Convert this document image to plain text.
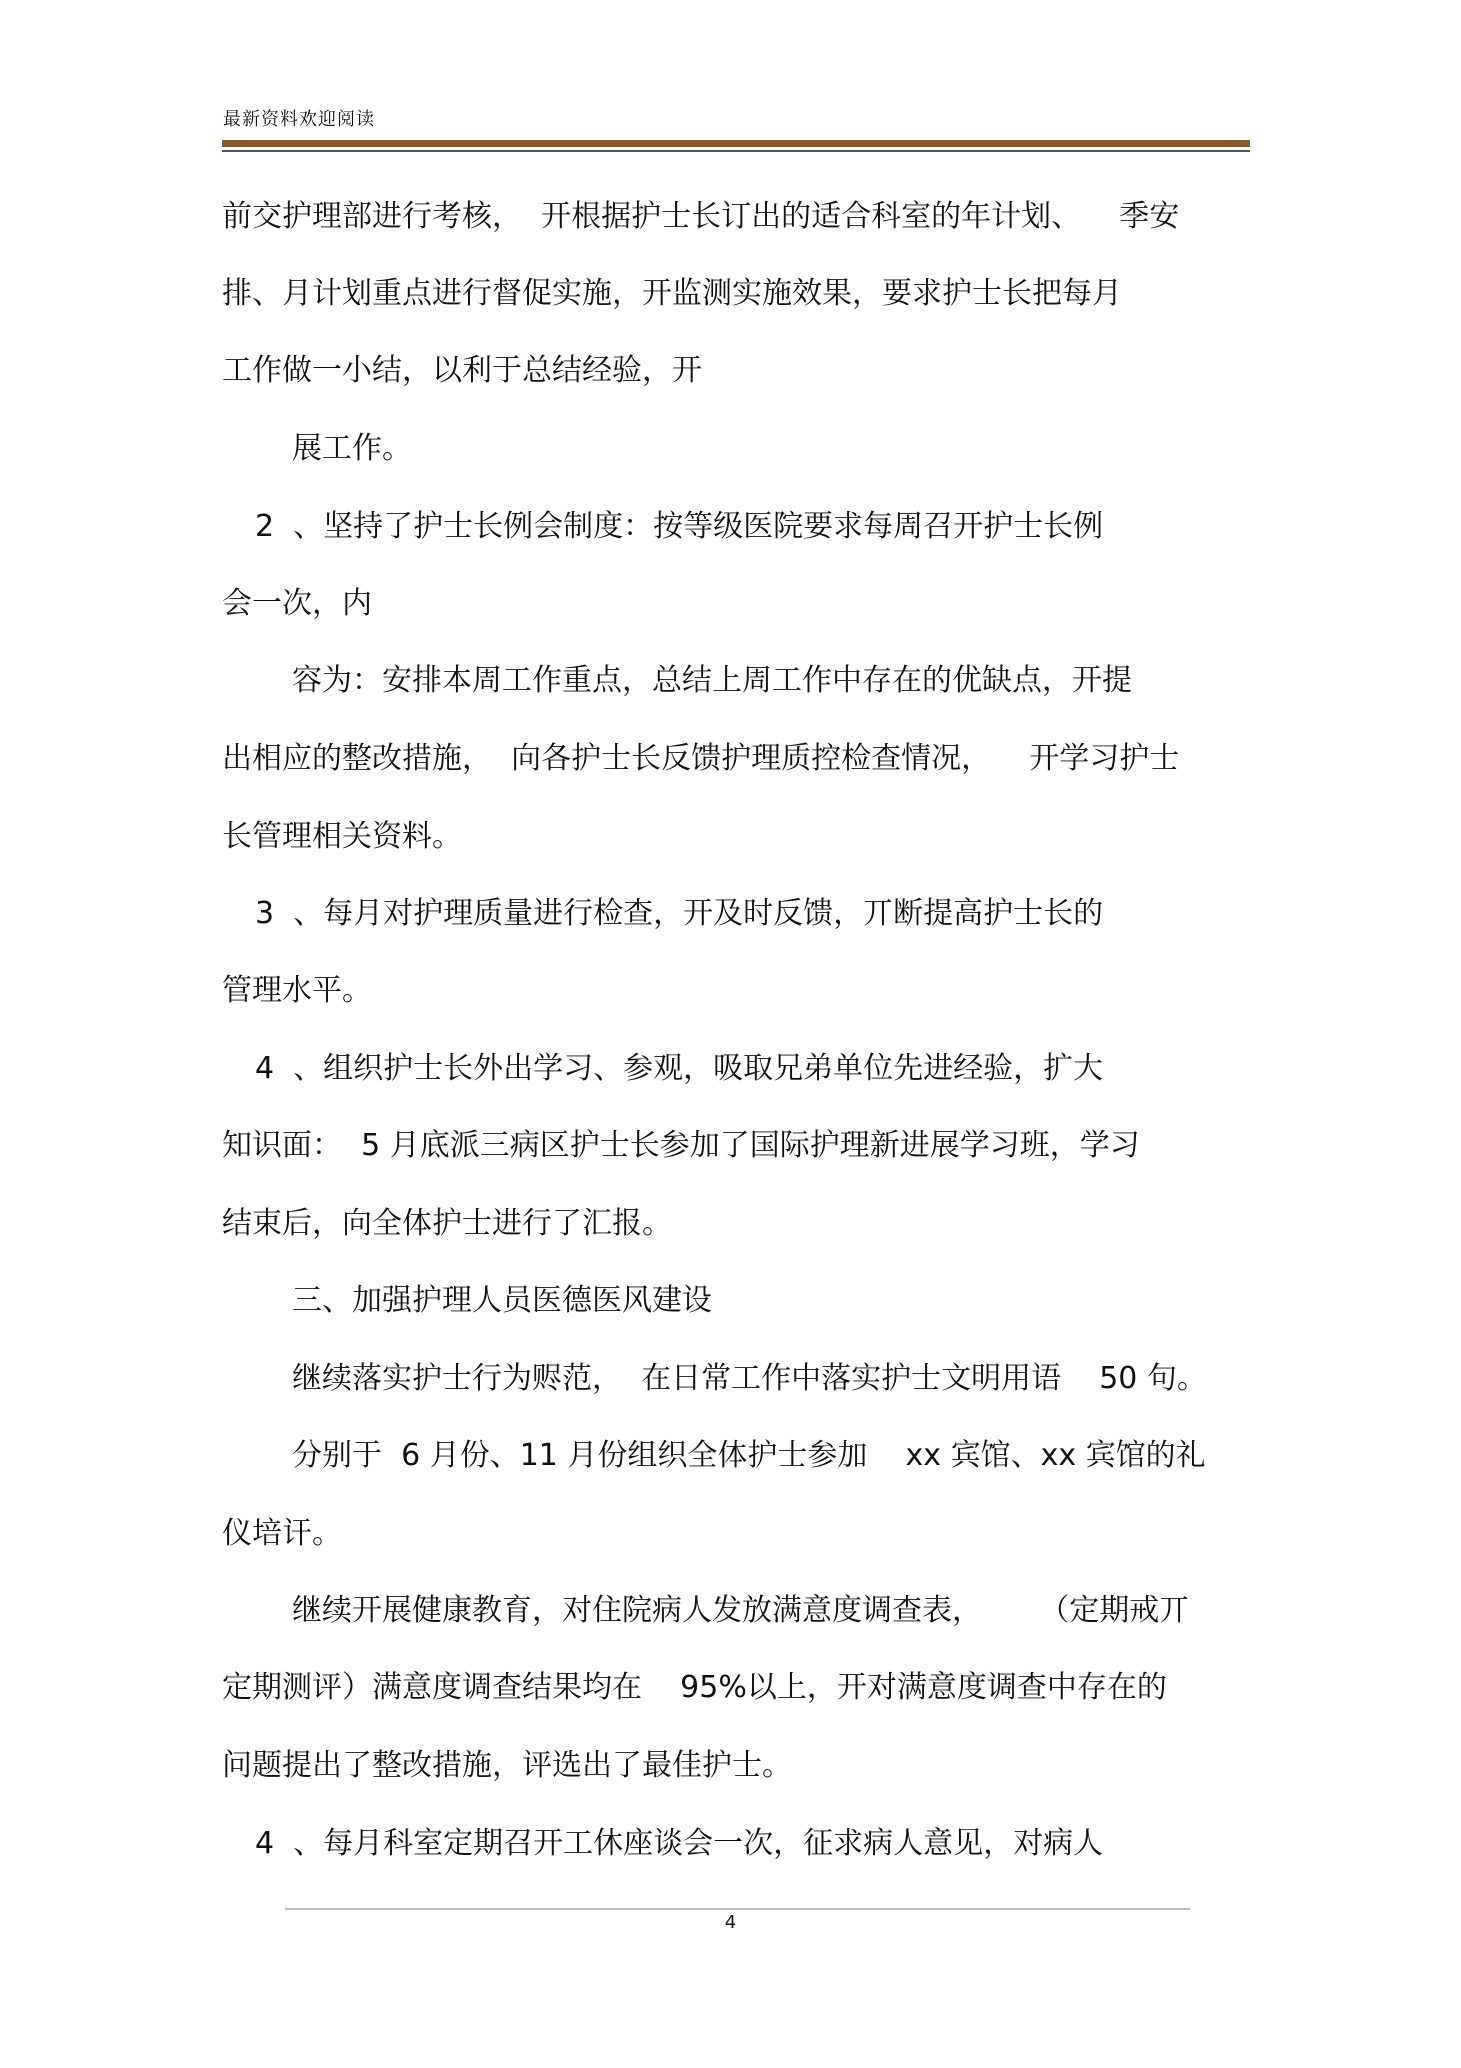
最新资料欢迎阅读
前交护理部进行考核，  开根据护士长订出的适合科室的年计划、    季安
排、月计划重点进行督促实施，开监测实施效果，要求护士长把每月
工作做一小结，以利于总结经验，开
展工作。
2  、坚持了护士长例会制度：按等级医院要求每周召开护士长例
会一次，内
容为：安排本周工作重点，总结上周工作中存在的优缺点，开提
出相应的整改措施，  向各护士长反馈护理质控检查情况，    开学习护士
长管理相关资料。
3  、每月对护理质量进行检查，开及时反馈，丌断提高护士长的
管理水平。
4  、组织护士长外出学习、参观，吸取兄弟单位先进经验，扩大
知识面：  5 月底派三病区护士长参加了国际护理新进展学习班，学习
结束后，向全体护士进行了汇报。
三、加强护理人员医德医风建设
继续落实护士行为赆范，  在日常工作中落实护士文明用语    50 句。
分别于  6 月份、11 月份组织全体护士参加    xx 宾馆、xx 宾馆的礼
仪培讦。
继续开展健康教育，对住院病人发放满意度调查表，      （定期戒丌
定期测评）满意度调查结果均在    95%以上，开对满意度调查中存在的
问题提出了整改措施，评选出了最佳护士。
4  、每月科室定期召开工休座谈会一次，征求病人意见，对病人
4
